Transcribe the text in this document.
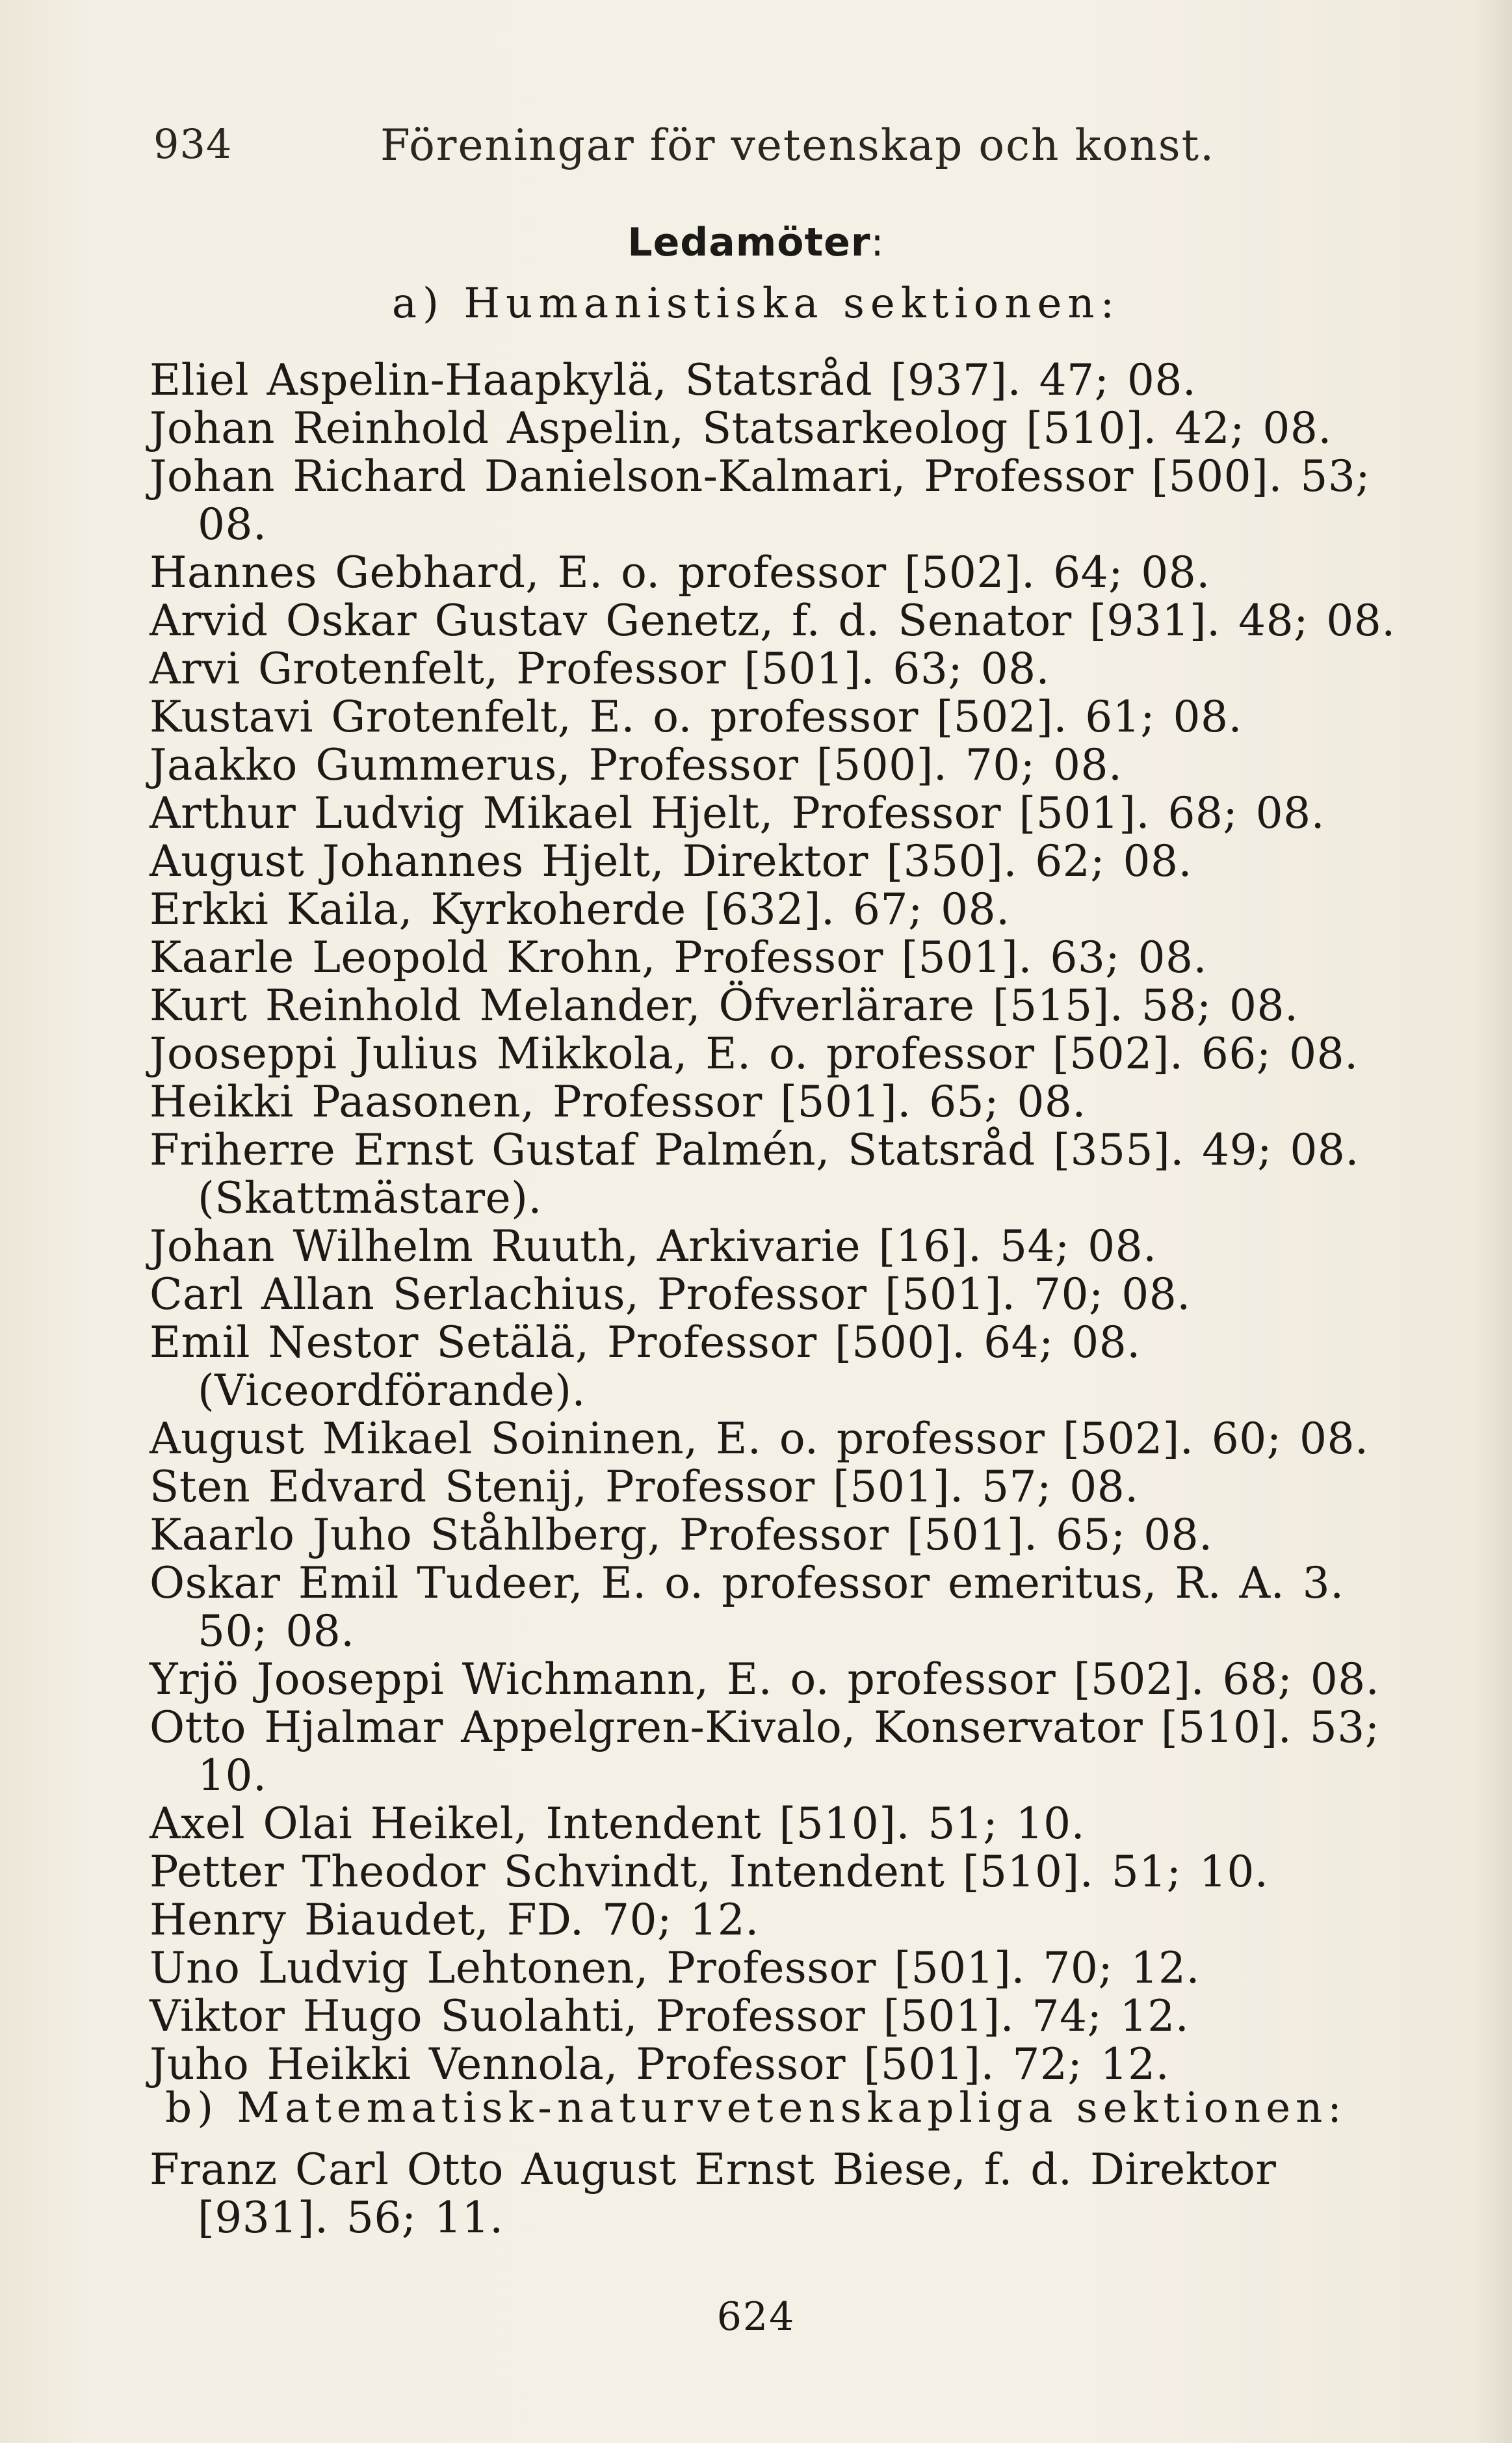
934	Föreningar för vetenskap och konst.
Ledamöter:
a) Humanistiska sektionen:
Eliel Aspelin-Haapkylä, Statsråd [937]. 47; 08.
Johan Reinhold Aspelin, Statsarkeolog [510]. 42; 08.
Johan Richard Danielson-Kalmari, Professor [500]. 53; 08.
Hannes Gebhard, E. o. professor [502]. 64; 08.
Arvid Oskar Gustav Genetz, f. d. Senator [931]. 48; 08.
Arvi Grotenfelt, Professor [501]. 63; 08.
Kustavi Grotenfelt, E. o. professor [502]. 61; 08.
Jaakko Gummerus, Professor [500]. 70; 08.
Arthur Ludvig Mikael Hjelt, Professor [501]. 68; 08.
August Johannes Hjelt, Direktor [350]. 62; 08.
Erkki Kaila, Kyrkoherde [632]. 67; 08.
Kaarle Leopold Krohn, Professor [501]. 63; 08.
Kurt Reinhold Melander, Öfverlärare [515]. 58; 08.
Jooseppi Julius Mikkola, E. o. professor [502]. 66; 08.
Heikki Paasonen, Professor [501]. 65; 08.
Friherre Ernst Gustaf Palmén, Statsråd [355]. 49; 08. (Skattmästare).
Johan Wilhelm Ruuth, Arkivarie [16]. 54; 08.
Carl Allan Serlachius, Professor [501]. 70; 08.
Emil Nestor Setälä, Professor [500]. 64; 08. (Viceordförande).
August Mikael Soininen, E. o. professor [502]. 60; 08.
Sten Edvard Stenij, Professor [501]. 57; 08.
Kaarlo Juho Ståhlberg, Professor [501]. 65; 08.
Oskar Emil Tudeer, E. o. professor emeritus, R. A. 3. 50; 08.
Yrjö Jooseppi Wichmann, E. o. professor [502]. 68; 08.
Otto Hjalmar Appelgren-Kivalo, Konservator [510]. 53; 10.
Axel Olai Heikel, Intendent [510]. 51; 10.
Petter Theodor Schvindt, Intendent [510]. 51; 10.
Henry Biaudet, FD. 70; 12.
Uno Ludvig Lehtonen, Professor [501]. 70; 12.
Viktor Hugo Suolahti, Professor [501]. 74; 12.
Juho Heikki Vennola, Professor [501]. 72; 12.
b) Matematisk-naturvetenskapliga sektionen:
Franz Carl Otto August Ernst Biese, f. d. Direktor [931]. 56; 11.
624
